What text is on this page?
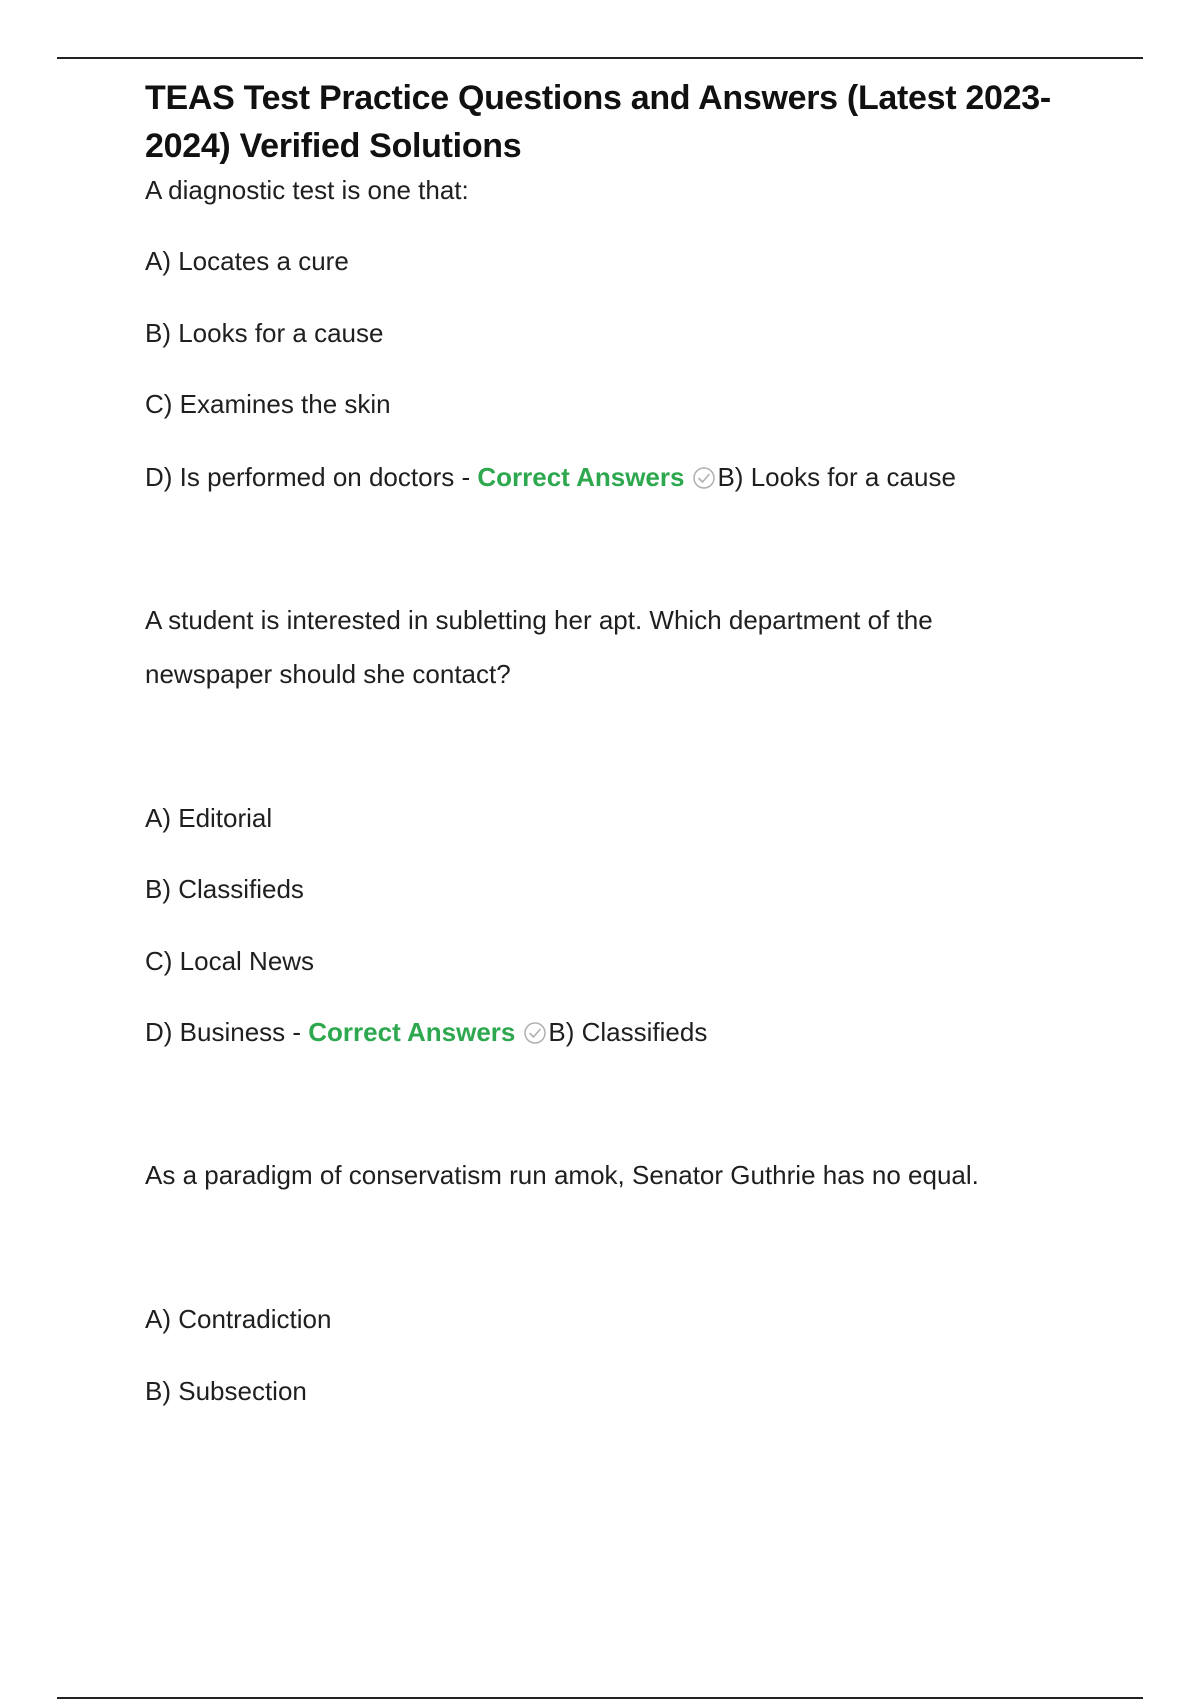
TEAS Test Practice Questions and Answers (Latest 2023-2024) Verified Solutions

A diagnostic test is one that:

A) Locates a cure

B) Looks for a cause

C) Examines the skin

D) Is performed on doctors - Correct Answers B) Looks for a cause

A student is interested in subletting her apt. Which department of the

newspaper should she contact?

A) Editorial

B) Classifieds

C) Local News

D) Business - Correct Answers B) Classifieds

As a paradigm of conservatism run amok, Senator Guthrie has no equal.

A) Contradiction

B) Subsection
